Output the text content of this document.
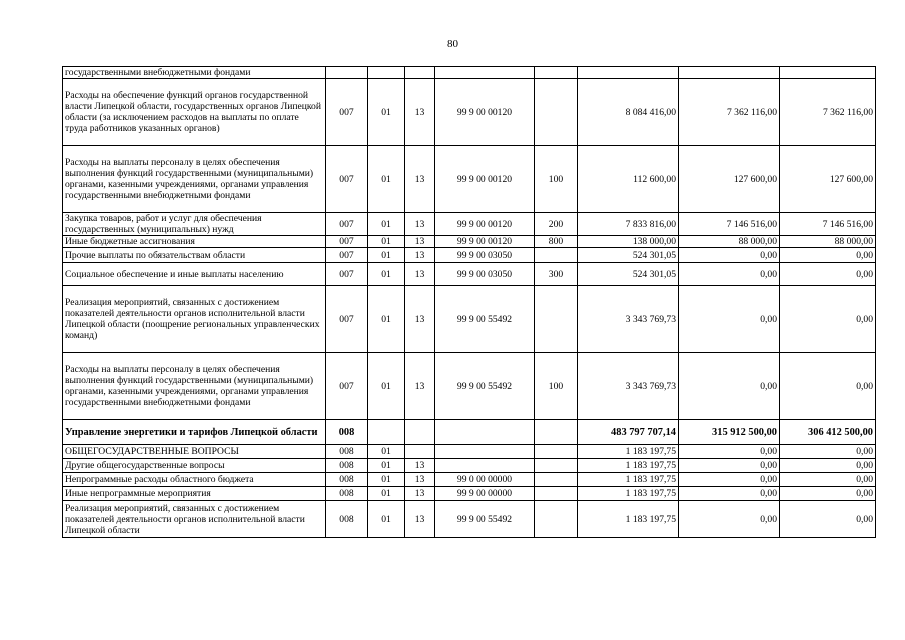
80
государственными внебюджетными фондами								
Расходы на обеспечение функций органов государственной власти Липецкой области, государственных органов Липецкой области (за исключением расходов на выплаты по оплате труда работников указанных органов)	007	01	13	99 9 00 00120		8 084 416,00	7 362 116,00	7 362 116,00
Расходы на выплаты персоналу в целях обеспечения выполнения функций государственными (муниципальными) органами, казенными учреждениями, органами управления государственными внебюджетными фондами	007	01	13	99 9 00 00120	100	112 600,00	127 600,00	127 600,00
Закупка товаров, работ и услуг для обеспечения государственных (муниципальных) нужд	007	01	13	99 9 00 00120	200	7 833 816,00	7 146 516,00	7 146 516,00
Иные бюджетные ассигнования	007	01	13	99 9 00 00120	800	138 000,00	88 000,00	88 000,00
Прочие выплаты по обязательствам области	007	01	13	99 9 00 03050		524 301,05	0,00	0,00
Социальное обеспечение и иные выплаты населению	007	01	13	99 9 00 03050	300	524 301,05	0,00	0,00
Реализация мероприятий, связанных с достижением показателей деятельности органов исполнительной власти Липецкой области (поощрение региональных управленческих команд)	007	01	13	99 9 00 55492		3 343 769,73	0,00	0,00
Расходы на выплаты персоналу в целях обеспечения выполнения функций государственными (муниципальными) органами, казенными учреждениями, органами управления государственными внебюджетными фондами	007	01	13	99 9 00 55492	100	3 343 769,73	0,00	0,00
Управление энергетики и тарифов Липецкой области	008					483 797 707,14	315 912 500,00	306 412 500,00
ОБЩЕГОСУДАРСТВЕННЫЕ ВОПРОСЫ	008	01				1 183 197,75	0,00	0,00
Другие общегосударственные вопросы	008	01	13			1 183 197,75	0,00	0,00
Непрограммные расходы областного бюджета	008	01	13	99 0 00 00000		1 183 197,75	0,00	0,00
Иные непрограммные мероприятия	008	01	13	99 9 00 00000		1 183 197,75	0,00	0,00
Реализация мероприятий, связанных с достижением показателей деятельности органов исполнительной власти Липецкой области	008	01	13	99 9 00 55492		1 183 197,75	0,00	0,00
